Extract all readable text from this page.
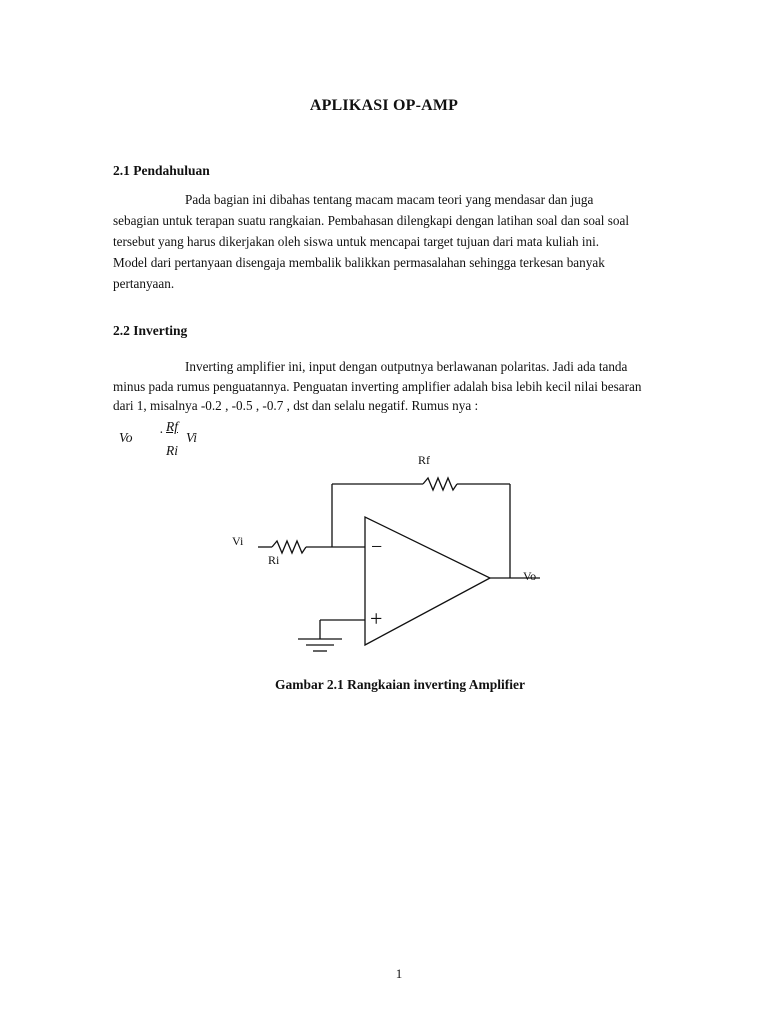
APLIKASI OP-AMP
2.1 Pendahuluan
Pada bagian ini dibahas tentang macam macam teori yang mendasar dan juga
sebagian untuk terapan suatu rangkaian. Pembahasan dilengkapi dengan latihan soal dan soal soal
tersebut yang harus dikerjakan oleh siswa untuk mencapai target tujuan dari mata kuliah ini.
Model dari pertanyaan disengaja membalik balikkan permasalahan sehingga terkesan banyak
pertanyaan.
2.2 Inverting
Inverting amplifier ini, input dengan outputnya berlawanan polaritas. Jadi ada tanda
minus pada rumus penguatannya. Penguatan inverting amplifier adalah bisa lebih kecil nilai besaran
dari 1, misalnya -0.2 , -0.5 , -0.7 , dst dan selalu negatif. Rumus nya :
Vo
. Rf
Vi
Ri
Rf
Vi
Ri
Vo
−
+
Gambar 2.1 Rangkaian inverting Amplifier
1
